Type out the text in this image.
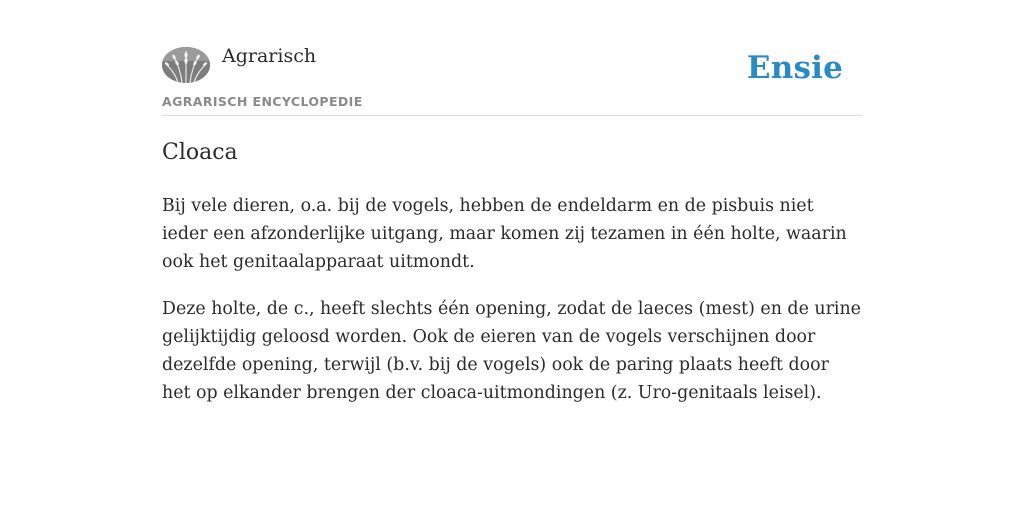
Agrarisch
AGRARISCH ENCYCLOPEDIE
Ensie
Cloaca

Bij vele dieren, o.a. bij de vogels, hebben de endeldarm en de pisbuis niet ieder een afzonderlijke uitgang, maar komen zij tezamen in één holte, waarin ook het genitaalapparaat uitmondt.

Deze holte, de c., heeft slechts één opening, zodat de laeces (mest) en de urine gelijktijdig geloosd worden. Ook de eieren van de vogels verschijnen door dezelfde opening, terwijl (b.v. bij de vogels) ook de paring plaats heeft door het op elkander brengen der cloaca-uitmondingen (z. Uro-genitaals leisel).
